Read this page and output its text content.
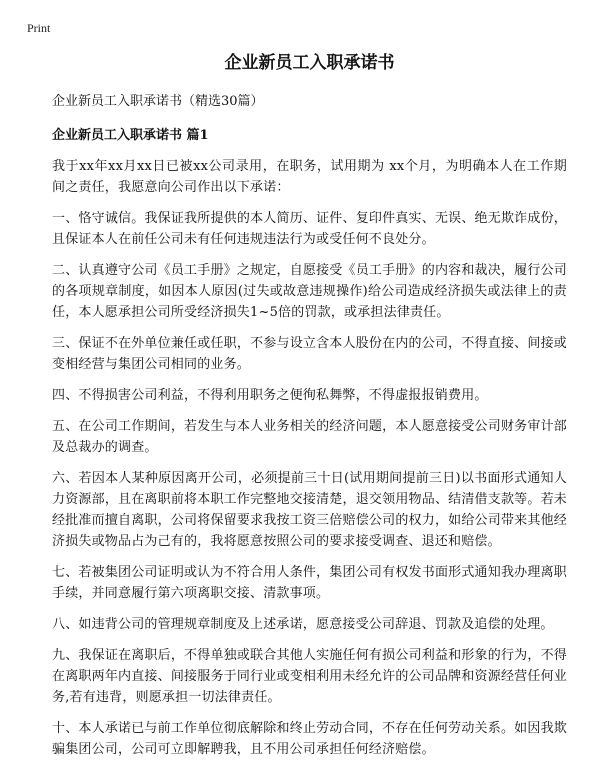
Print
企业新员工入职承诺书
企业新员工入职承诺书（精选30篇）
企业新员工入职承诺书 篇1
我于xx年xx月xx日已被xx公司录用，在职务，试用期为 xx个月，为明确本人在工作期间之责任，我愿意向公司作出以下承诺：
一、恪守诚信。我保证我所提供的本人简历、证件、复印件真实、无误、绝无欺诈成份，且保证本人在前任公司未有任何违规违法行为或受任何不良处分。
二、认真遵守公司《员工手册》之规定，自愿接受《员工手册》的内容和裁决，履行公司的各项规章制度，如因本人原因(过失或故意违规操作)给公司造成经济损失或法律上的责任，本人愿承担公司所受经济损失1~5倍的罚款，或承担法律责任。
三、保证不在外单位兼任或任职，不参与设立含本人股份在内的公司，不得直接、间接或变相经营与集团公司相同的业务。
四、不得损害公司利益，不得利用职务之便徇私舞弊，不得虚报报销费用。
五、在公司工作期间，若发生与本人业务相关的经济问题，本人愿意接受公司财务审计部及总裁办的调查。
六、若因本人某种原因离开公司，必须提前三十日(试用期间提前三日)以书面形式通知人力资源部，且在离职前将本职工作完整地交接清楚，退交领用物品、结清借支款等。若未经批准而擅自离职，公司将保留要求我按工资三倍赔偿公司的权力，如给公司带来其他经济损失或物品占为己有的，我将愿意按照公司的要求接受调查、退还和赔偿。
七、若被集团公司证明或认为不符合用人条件，集团公司有权发书面形式通知我办理离职手续，并同意履行第六项离职交接、清款事项。
八、如违背公司的管理规章制度及上述承诺，愿意接受公司辞退、罚款及追偿的处理。
九、我保证在离职后，不得单独或联合其他人实施任何有损公司利益和形象的行为，不得在离职两年内直接、间接服务于同行业或变相利用未经允许的公司品牌和资源经营任何业务,若有违背，则愿承担一切法律责任。
十、本人承诺已与前工作单位彻底解除和终止劳动合同，不存在任何劳动关系。如因我欺骗集团公司，公司可立即解聘我，且不用公司承担任何经济赔偿。
